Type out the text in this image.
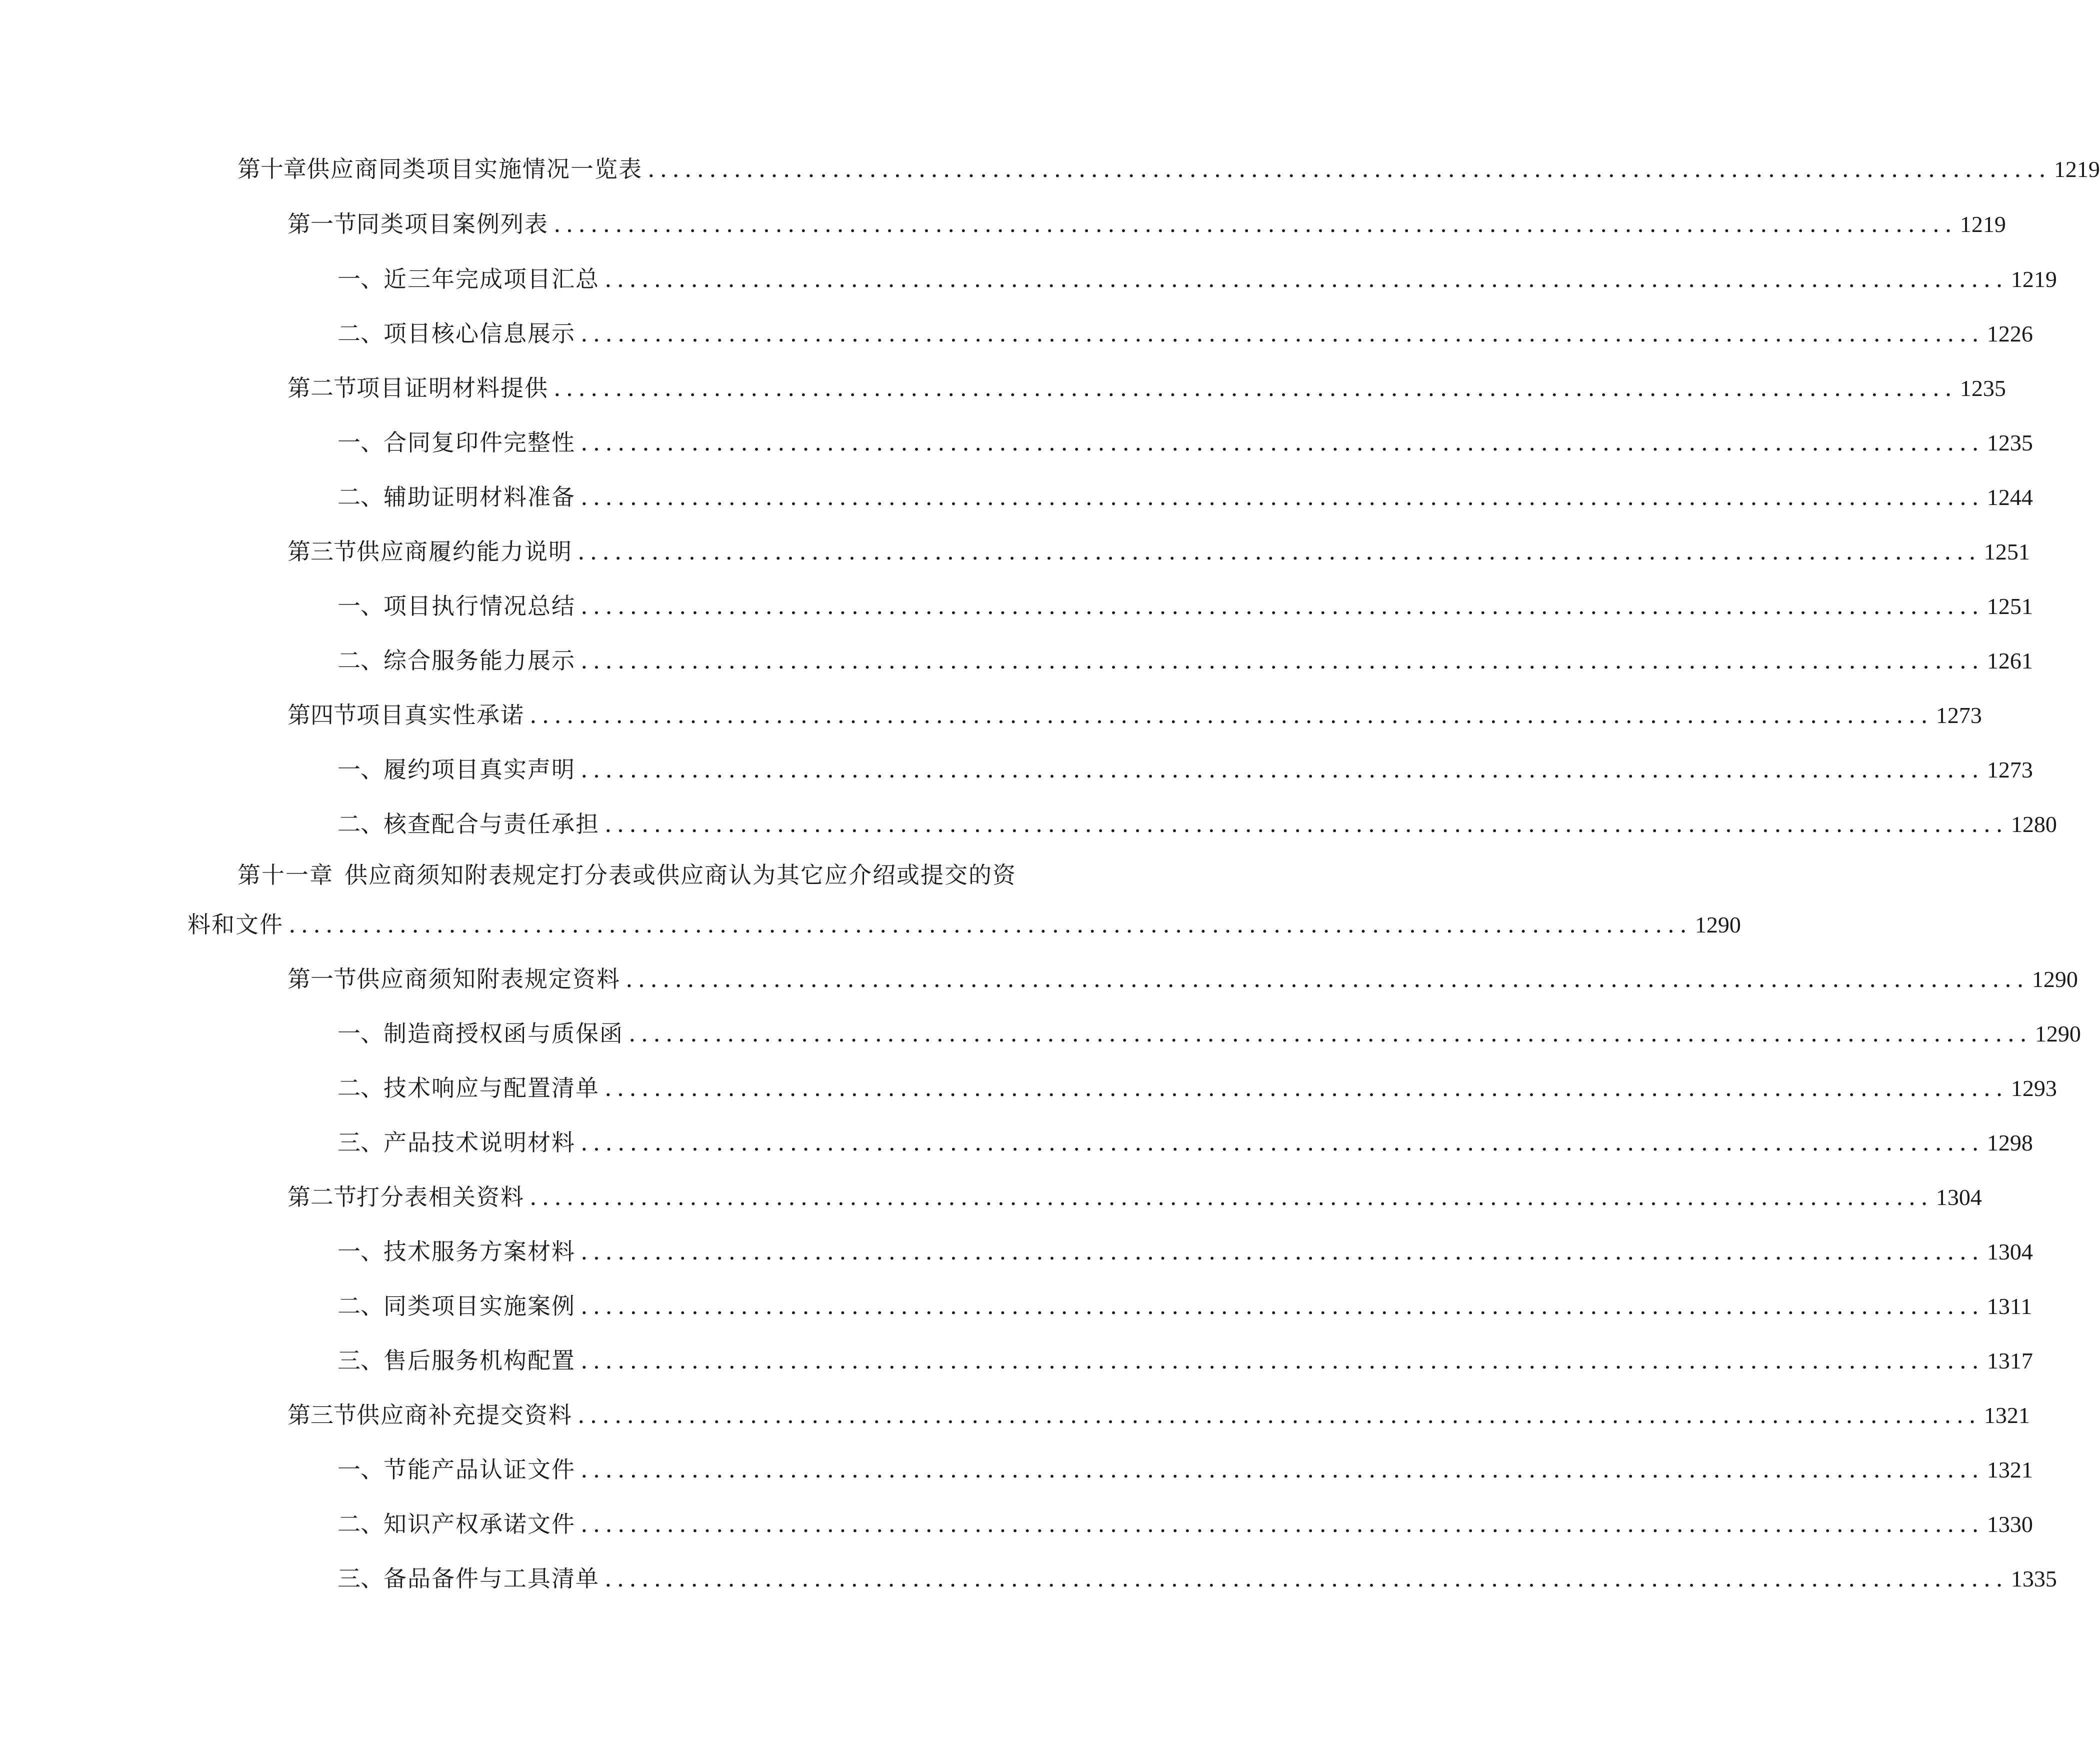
第十章 供应商同类项目实施情况一览表 .................................................................................................................. 1219
第一节 同类项目案例列表 .................................................................................................................. 1219
一、 近三年完成项目汇总 .................................................................................................................. 1219
二、 项目核心信息展示 .................................................................................................................. 1226
第二节 项目证明材料提供 .................................................................................................................. 1235
一、 合同复印件完整性 .................................................................................................................. 1235
二、 辅助证明材料准备 .................................................................................................................. 1244
第三节 供应商履约能力说明 .................................................................................................................. 1251
一、 项目执行情况总结 .................................................................................................................. 1251
二、 综合服务能力展示 .................................................................................................................. 1261
第四节 项目真实性承诺 .................................................................................................................. 1273
一、 履约项目真实声明 .................................................................................................................. 1273
二、 核查配合与责任承担 .................................................................................................................. 1280
第十一章 供应商须知附表规定打分表或供应商认为其它应介绍或提交的资
料和文件 .................................................................................................................. 1290
第一节 供应商须知附表规定资料 .................................................................................................................. 1290
一、 制造商授权函与质保函 .................................................................................................................. 1290
二、 技术响应与配置清单 .................................................................................................................. 1293
三、 产品技术说明材料 .................................................................................................................. 1298
第二节 打分表相关资料 .................................................................................................................. 1304
一、 技术服务方案材料 .................................................................................................................. 1304
二、 同类项目实施案例 .................................................................................................................. 1311
三、 售后服务机构配置 .................................................................................................................. 1317
第三节 供应商补充提交资料 .................................................................................................................. 1321
一、 节能产品认证文件 .................................................................................................................. 1321
二、 知识产权承诺文件 .................................................................................................................. 1330
三、 备品备件与工具清单 .................................................................................................................. 1335
